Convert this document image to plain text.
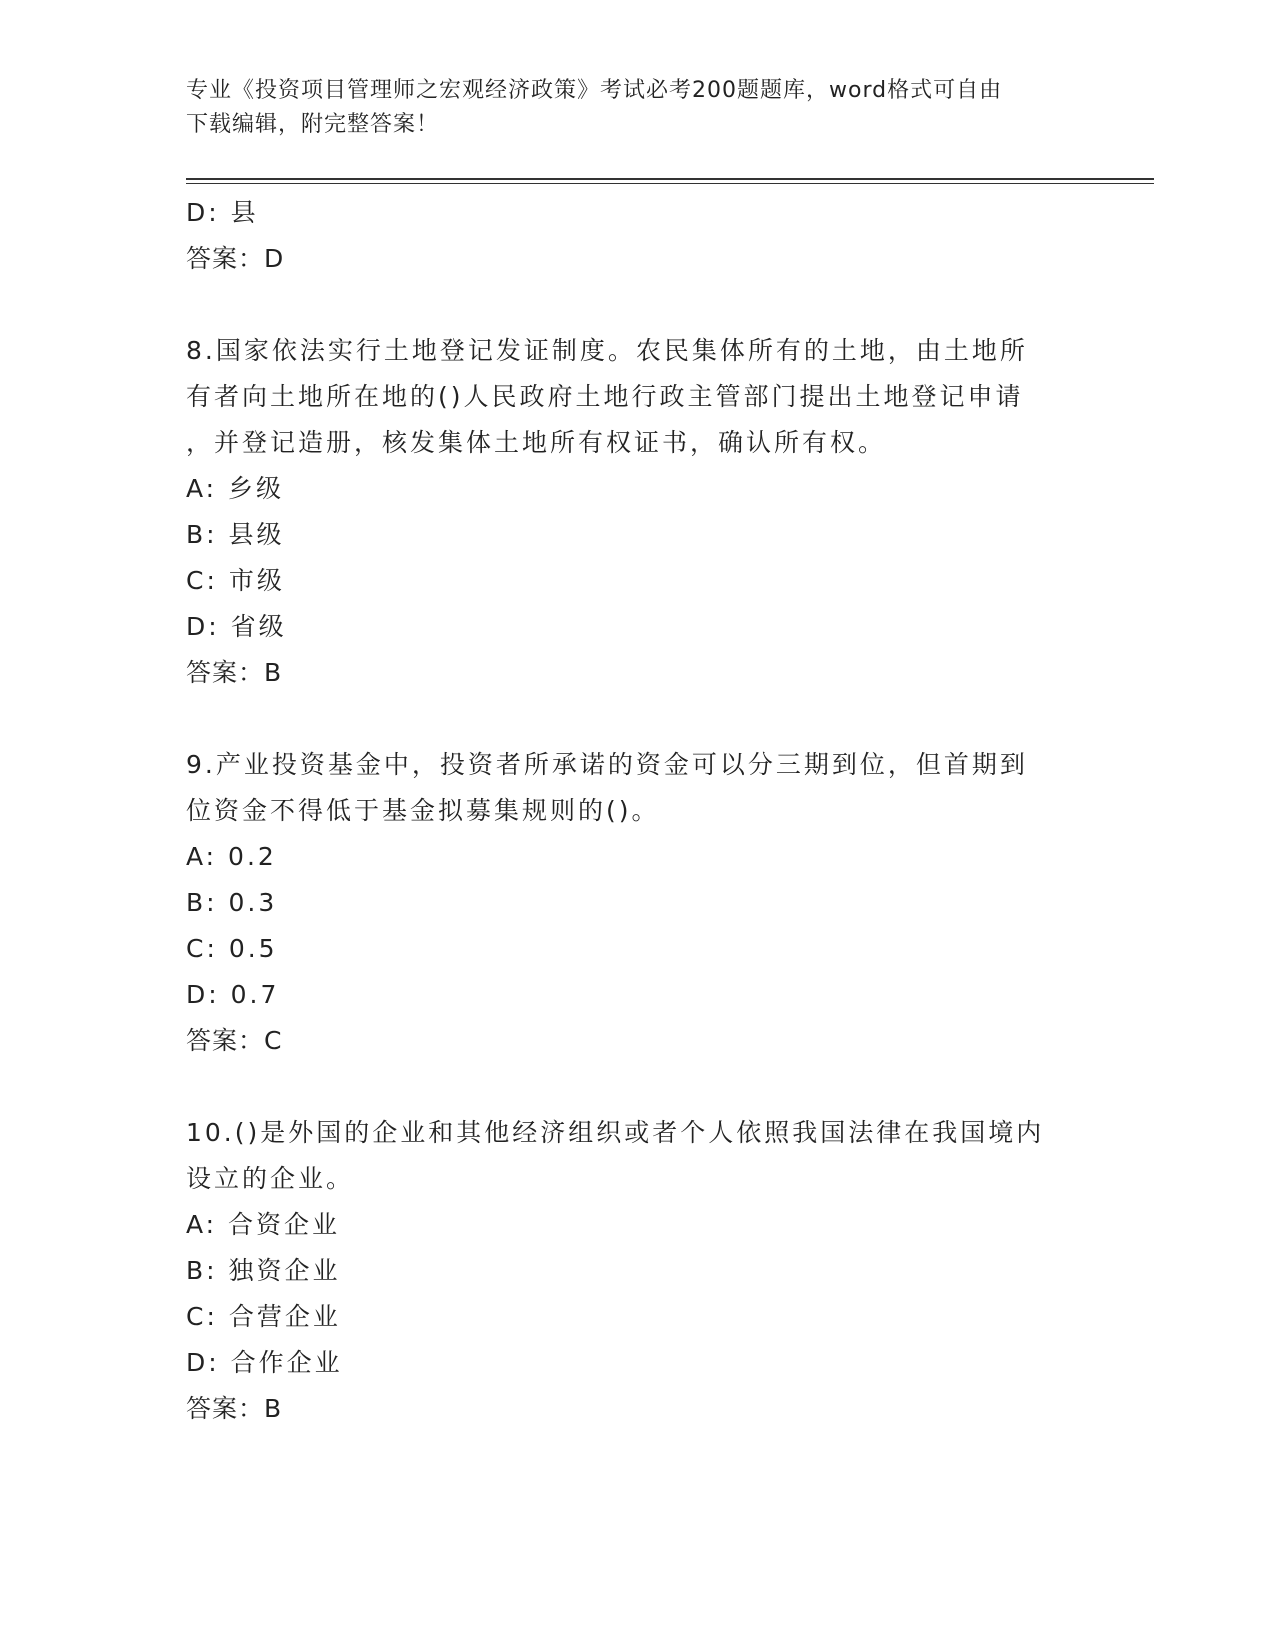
专业《投资项目管理师之宏观经济政策》考试必考200题题库，word格式可自由
下载编辑，附完整答案！
D: 县
答案：D
8.国家依法实行土地登记发证制度。农民集体所有的土地，由土地所
有者向土地所在地的()人民政府土地行政主管部门提出土地登记申请
，并登记造册，核发集体土地所有权证书，确认所有权。
A: 乡级
B: 县级
C: 市级
D: 省级
答案：B
9.产业投资基金中，投资者所承诺的资金可以分三期到位，但首期到
位资金不得低于基金拟募集规则的()。
A: 0.2
B: 0.3
C: 0.5
D: 0.7
答案：C
10.()是外国的企业和其他经济组织或者个人依照我国法律在我国境内
设立的企业。
A: 合资企业
B: 独资企业
C: 合营企业
D: 合作企业
答案：B
